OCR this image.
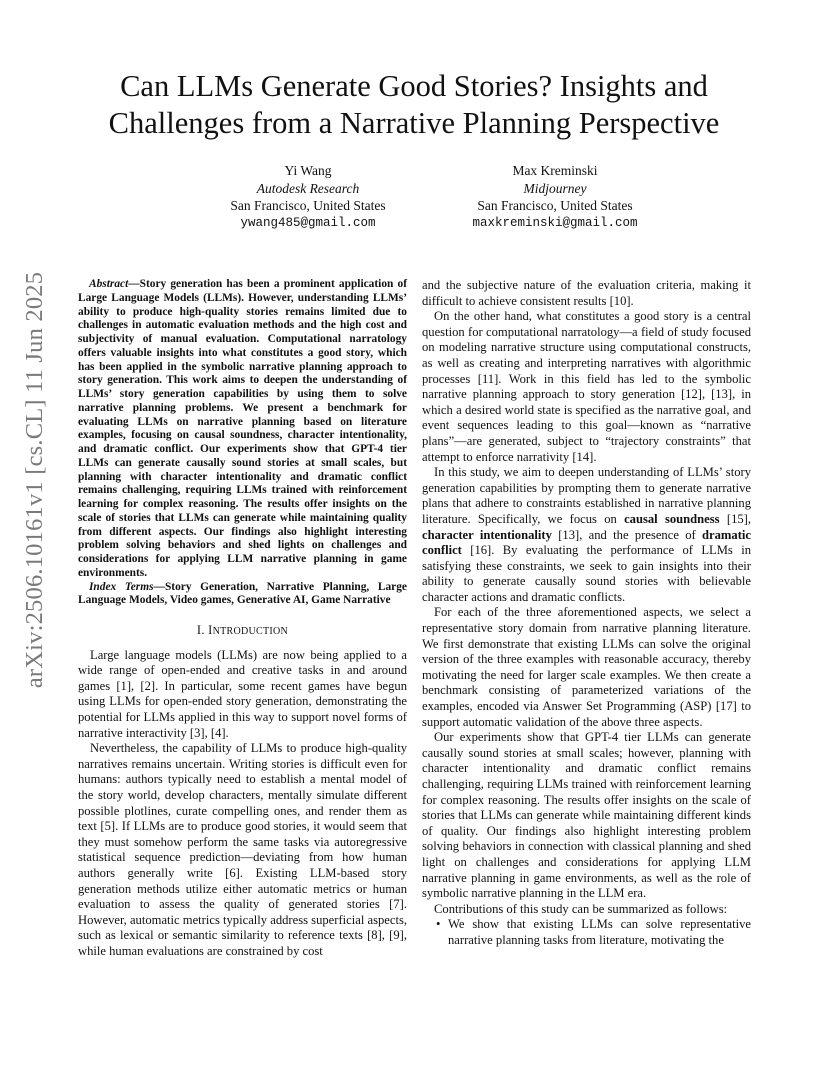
arXiv:2506.10161v1 [cs.CL] 11 Jun 2025
Can LLMs Generate Good Stories? Insights and Challenges from a Narrative Planning Perspective
Yi Wang
Autodesk Research
San Francisco, United States
ywang485@gmail.com
Max Kreminski
Midjourney
San Francisco, United States
maxkreminski@gmail.com

Abstract—Story generation has been a prominent application of Large Language Models (LLMs). However, understanding LLMs’ ability to produce high-quality stories remains limited due to challenges in automatic evaluation methods and the high cost and subjectivity of manual evaluation. Computational narratology offers valuable insights into what constitutes a good story, which has been applied in the symbolic narrative planning approach to story generation. This work aims to deepen the understanding of LLMs’ story generation capabilities by using them to solve narrative planning problems. We present a benchmark for evaluating LLMs on narrative planning based on literature examples, focusing on causal soundness, character intentionality, and dramatic conflict. Our experiments show that GPT-4 tier LLMs can generate causally sound stories at small scales, but planning with character intentionality and dramatic conflict remains challenging, requiring LLMs trained with reinforcement learning for complex reasoning. The results offer insights on the scale of stories that LLMs can generate while maintaining quality from different aspects. Our findings also highlight interesting problem solving behaviors and shed lights on challenges and considerations for applying LLM narrative planning in game environments.

Index Terms—Story Generation, Narrative Planning, Large Language Models, Video games, Generative AI, Game Narrative

I. INTRODUCTION

Large language models (LLMs) are now being applied to a wide range of open-ended and creative tasks in and around games [1], [2]. In particular, some recent games have begun using LLMs for open-ended story generation, demonstrating the potential for LLMs applied in this way to support novel forms of narrative interactivity [3], [4].

Nevertheless, the capability of LLMs to produce high-quality narratives remains uncertain. Writing stories is difficult even for humans: authors typically need to establish a mental model of the story world, develop characters, mentally simulate different possible plotlines, curate compelling ones, and render them as text [5]. If LLMs are to produce good stories, it would seem that they must somehow perform the same tasks via autoregressive statistical sequence prediction—deviating from how human authors generally write [6]. Existing LLM-based story generation methods utilize either automatic metrics or human evaluation to assess the quality of generated stories [7]. However, automatic metrics typically address superficial aspects, such as lexical or semantic similarity to reference texts [8], [9], while human evaluations are constrained by cost

and the subjective nature of the evaluation criteria, making it difficult to achieve consistent results [10].

On the other hand, what constitutes a good story is a central question for computational narratology—a field of study focused on modeling narrative structure using computational constructs, as well as creating and interpreting narratives with algorithmic processes [11]. Work in this field has led to the symbolic narrative planning approach to story generation [12], [13], in which a desired world state is specified as the narrative goal, and event sequences leading to this goal—known as “narrative plans”—are generated, subject to “trajectory constraints” that attempt to enforce narrativity [14].

In this study, we aim to deepen understanding of LLMs’ story generation capabilities by prompting them to generate narrative plans that adhere to constraints established in narrative planning literature. Specifically, we focus on causal soundness [15], character intentionality [13], and the presence of dramatic conflict [16]. By evaluating the performance of LLMs in satisfying these constraints, we seek to gain insights into their ability to generate causally sound stories with believable character actions and dramatic conflicts.

For each of the three aforementioned aspects, we select a representative story domain from narrative planning literature. We first demonstrate that existing LLMs can solve the original version of the three examples with reasonable accuracy, thereby motivating the need for larger scale examples. We then create a benchmark consisting of parameterized variations of the examples, encoded via Answer Set Programming (ASP) [17] to support automatic validation of the above three aspects.

Our experiments show that GPT-4 tier LLMs can generate causally sound stories at small scales; however, planning with character intentionality and dramatic conflict remains challenging, requiring LLMs trained with reinforcement learning for complex reasoning. The results offer insights on the scale of stories that LLMs can generate while maintaining different kinds of quality. Our findings also highlight interesting problem solving behaviors in connection with classical planning and shed light on challenges and considerations for applying LLM narrative planning in game environments, as well as the role of symbolic narrative planning in the LLM era.

Contributions of this study can be summarized as follows:

• We show that existing LLMs can solve representative narrative planning tasks from literature, motivating the
